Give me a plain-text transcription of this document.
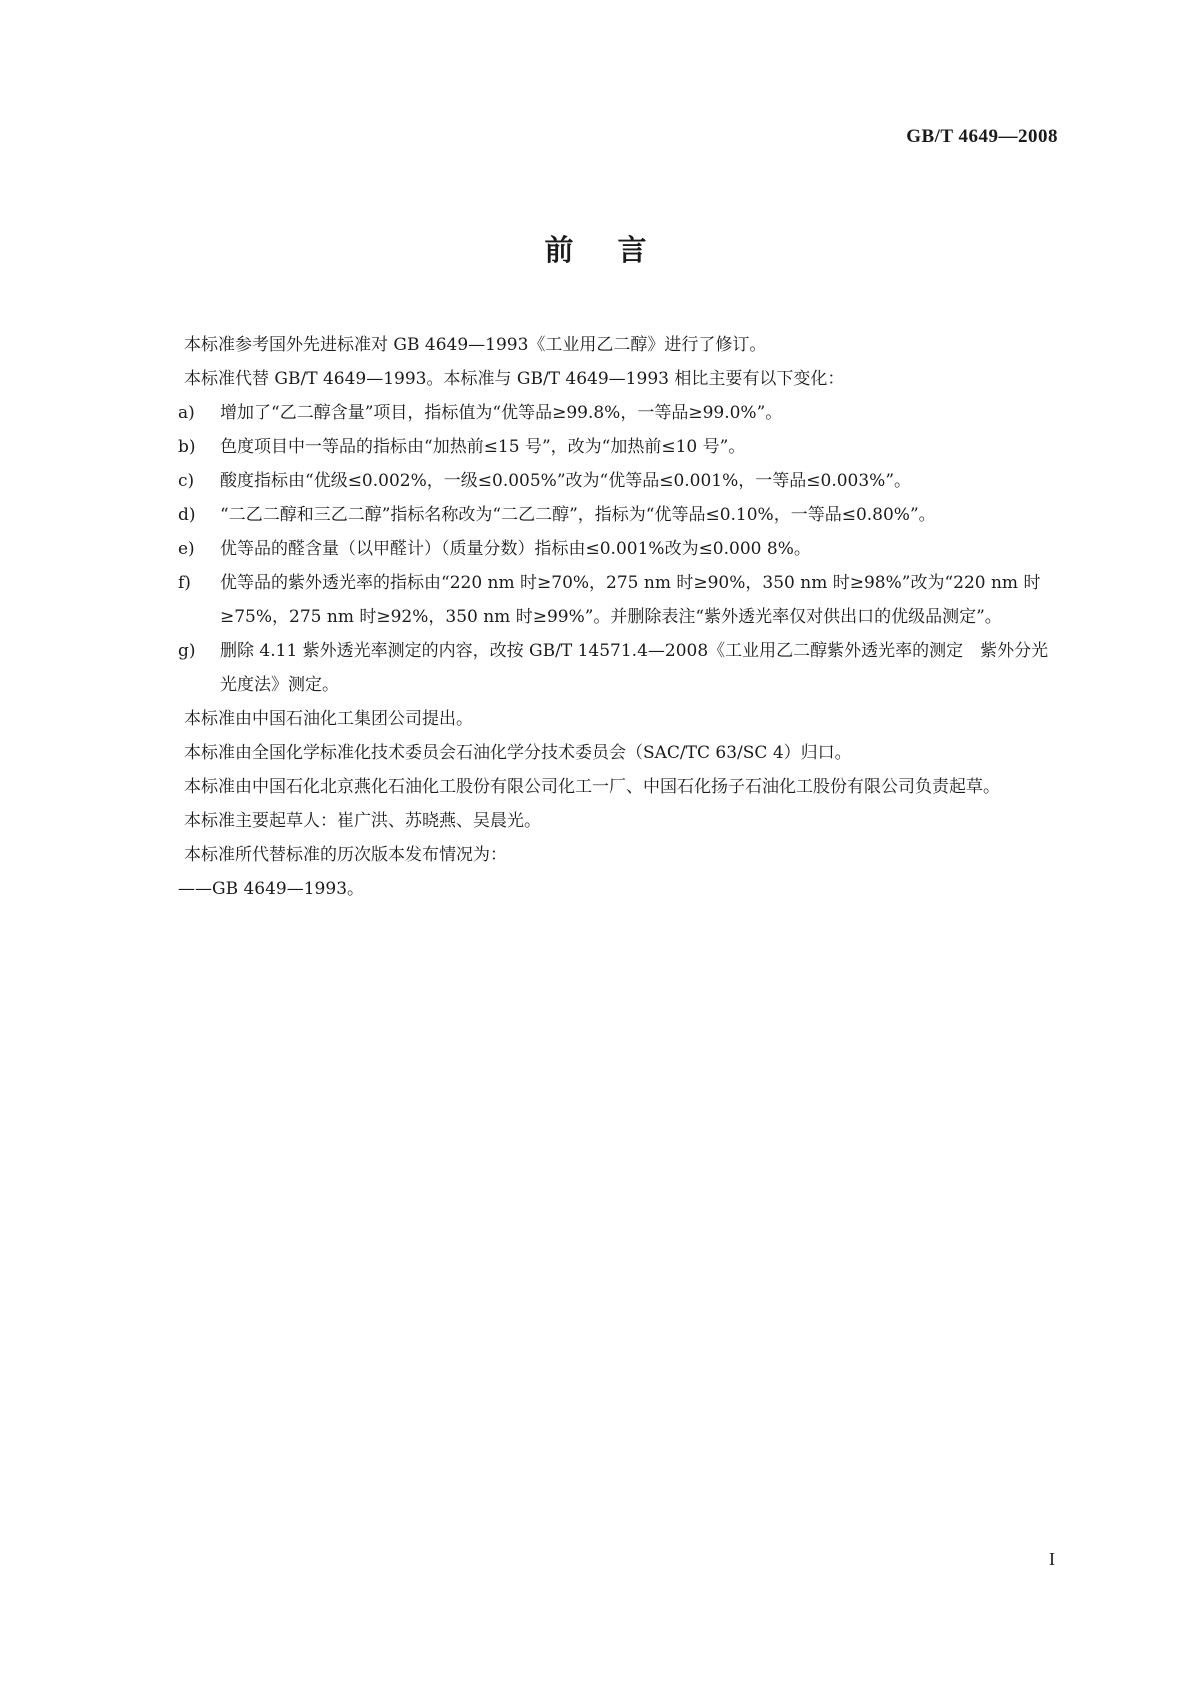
GB/T 4649—2008
前言

本标准参考国外先进标准对 GB 4649—1993《工业用乙二醇》进行了修订。

本标准代替 GB/T 4649—1993。本标准与 GB/T 4649—1993 相比主要有以下变化：

a) 增加了“乙二醇含量”项目，指标值为“优等品≥99.8%，一等品≥99.0%”。

b) 色度项目中一等品的指标由“加热前≤15 号”，改为“加热前≤10 号”。

c) 酸度指标由“优级≤0.002%，一级≤0.005%”改为“优等品≤0.001%，一等品≤0.003%”。

d) “二乙二醇和三乙二醇”指标名称改为“二乙二醇”，指标为“优等品≤0.10%，一等品≤0.80%”。

e) 优等品的醛含量（以甲醛计）（质量分数）指标由≤0.001%改为≤0.000 8%。

f) 优等品的紫外透光率的指标由“220 nm 时≥70%，275 nm 时≥90%，350 nm 时≥98%”改为“220 nm 时≥75%，275 nm 时≥92%，350 nm 时≥99%”。并删除表注“紫外透光率仅对供出口的优级品测定”。

g) 删除 4.11 紫外透光率测定的内容，改按 GB/T 14571.4—2008《工业用乙二醇紫外透光率的测定　紫外分光光度法》测定。

本标准由中国石油化工集团公司提出。

本标准由全国化学标准化技术委员会石油化学分技术委员会（SAC/TC 63/SC 4）归口。

本标准由中国石化北京燕化石油化工股份有限公司化工一厂、中国石化扬子石油化工股份有限公司负责起草。

本标准主要起草人：崔广洪、苏晓燕、吴晨光。

本标准所代替标准的历次版本发布情况为：

——GB 4649—1993。

I
